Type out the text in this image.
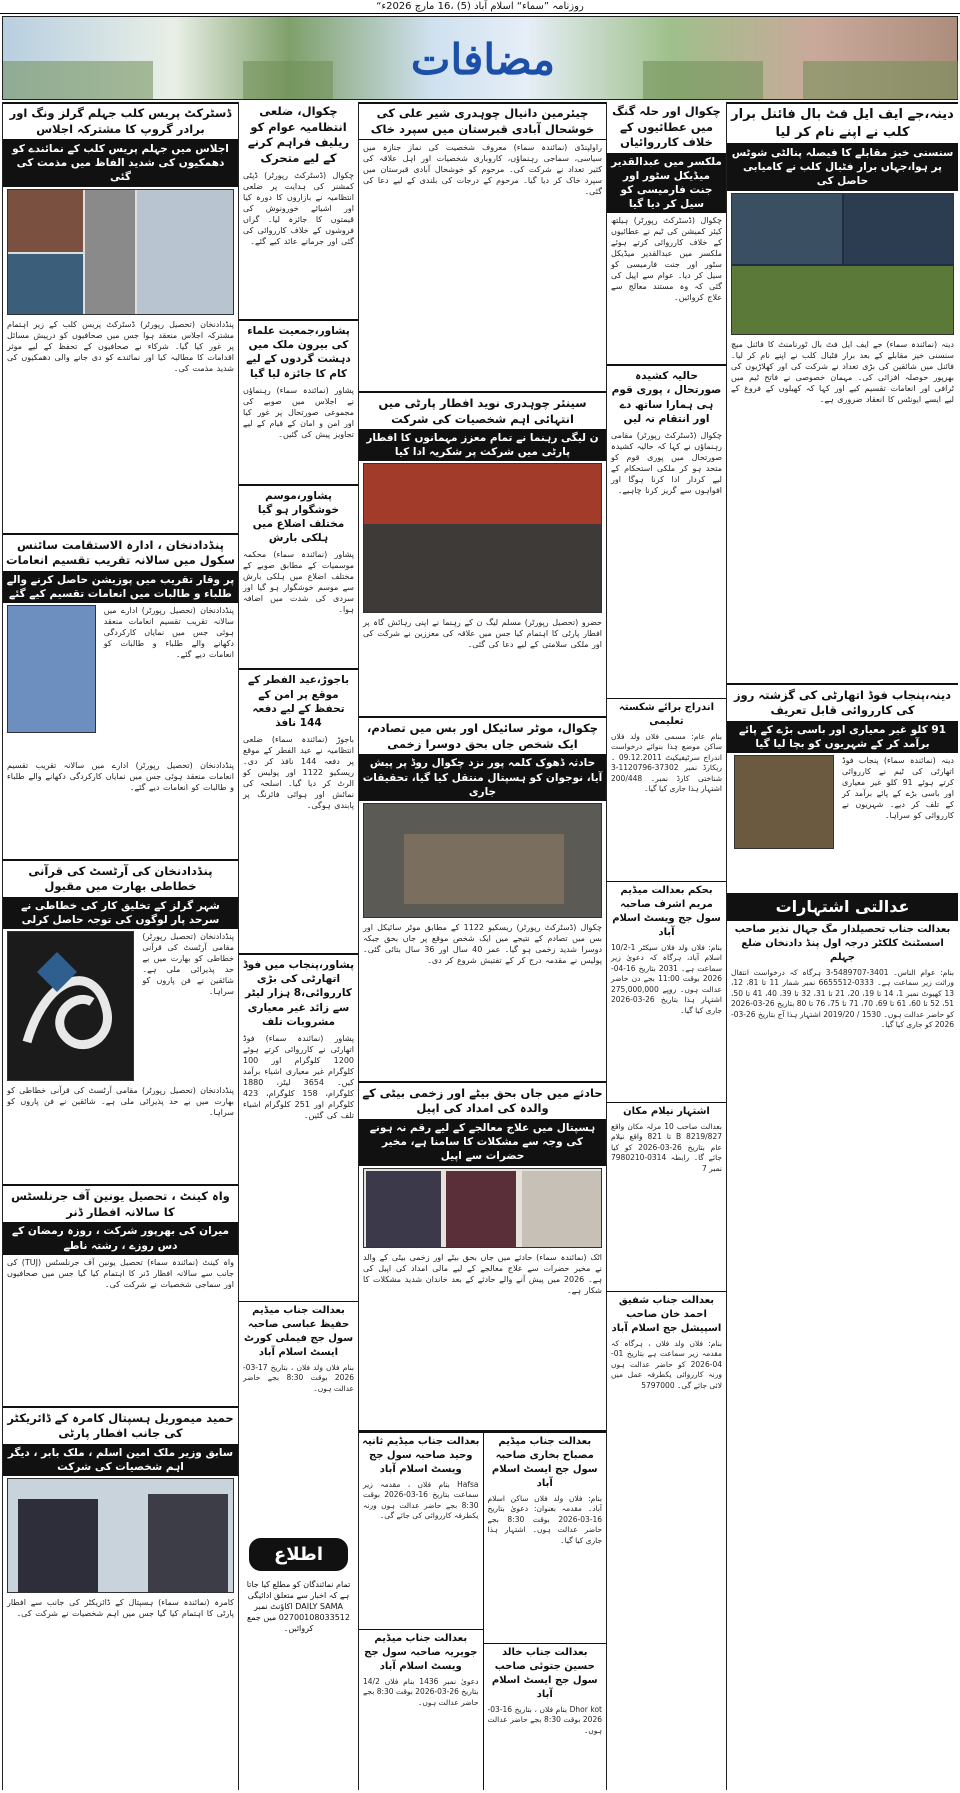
روزنامہ ”سماء“ اسلام آباد (5) ،16 مارچ 2026ء“
مضافات
دینہ،جے ایف ایل فٹ بال فائنل برار کلب نے اپنے نام کر لیا
سنسنی خیز مقابلے کا فیصلہ پنالٹی شوٹس پر ہوا،جہاں برار فٹبال کلب نے کامیابی حاصل کی
دینہ (نمائندہ سماء) جے ایف ایل فٹ بال ٹورنامنٹ کا فائنل میچ سنسنی خیز مقابلے کے بعد برار فٹبال کلب نے اپنے نام کر لیا۔ فائنل میں شائقین کی بڑی تعداد نے شرکت کی اور کھلاڑیوں کی بھرپور حوصلہ افزائی کی۔ مہمان خصوصی نے فاتح ٹیم میں ٹرافی اور انعامات تقسیم کیے اور کہا کہ کھیلوں کے فروغ کے لیے ایسے ایونٹس کا انعقاد ضروری ہے۔
دینہ،پنجاب فوڈ اتھارٹی کی گزشتہ روز کی کارروائی قابل تعریف
91 کلو غیر معیاری اور باسی بڑے کے پائے برآمد کر کے شہریوں کو بچا لیا گیا
دینہ (نمائندہ سماء) پنجاب فوڈ اتھارٹی کی ٹیم نے کارروائی کرتے ہوئے 91 کلو غیر معیاری اور باسی بڑے کے پائے برآمد کر کے تلف کر دیے۔ شہریوں نے کارروائی کو سراہا۔
عدالتی اشتہارات
بعدالت جناب تحصیلدار مگ جہال نذیر صاحب اسسٹنٹ کلکٹر درجہ اول پنڈ دادنخان ضلع جہلم
بنام: عوام الناس۔ 3401-5489707-3 ہرگاہ کہ درخواست انتقال وراثت زیر سماعت ہے۔ 0333-6655512 نمبر شمار 11 تا 81، 12، 13 کھیوٹ نمبر 1، 14 تا 19، 20، 21 تا 31، 32 تا 39، 40، 41 تا 50، 51، 52 تا 60، 61 تا 69، 70، 71 تا 75، 76 تا 80 بتاریخ 26-03-2026 کو حاضر عدالت ہوں۔ 1530 / 2019/20 اشتہار ہذا آج بتاریخ 26-03-2026 کو جاری کیا گیا۔
چکوال اور حلہ گنگ میں عطائیوں کے خلاف کارروائیاں
ملکسر میں عبدالقدیر میڈیکل سٹور اور جنت فارمیسی کو سیل کر دیا گیا
چکوال (ڈسٹرکٹ رپورٹر) ہیلتھ کیئر کمیشن کی ٹیم نے عطائیوں کے خلاف کارروائی کرتے ہوئے ملکسر میں عبدالقدیر میڈیکل سٹور اور جنت فارمیسی کو سیل کر دیا۔ عوام سے اپیل کی گئی کہ وہ مستند معالج سے علاج کروائیں۔
حالیہ کشیدہ صورتحال ، پوری قوم ہی ہمارا ساتھ دے اور انتقام نہ لیں
چکوال (ڈسٹرکٹ رپورٹر) مقامی رہنماؤں نے کہا کہ حالیہ کشیدہ صورتحال میں پوری قوم کو متحد ہو کر ملکی استحکام کے لیے کردار ادا کرنا ہوگا اور افواہوں سے گریز کرنا چاہیے۔
اندراج برائے شکستہ تعلیمی
بنام عام: مسمی فلاں ولد فلاں ساکن موضع ہٰذا بنوائے درخواست اندراج سرٹیفیکیٹ 09.12.2011 ۔ ریکارڈ نمبر 37302-1120796-3 شناختی کارڈ نمبر۔ 200/448 اشتہار ہذا جاری کیا گیا۔
بحکم بعدالت میڈیم مریم اشرف صاحبہ سول جج ویسٹ اسلام آباد
بنام: فلاں ولد فلاں سیکٹر 1-10/2 اسلام آباد، ہرگاہ کہ دعویٰ زیر سماعت ہے۔ 2031 بتاریخ 16-04-2026 بوقت 11:00 بجے دن حاضر عدالت ہوں۔ روپے 275,000,000 اشتہار ہذا بتاریخ 26-03-2026 جاری کیا گیا۔
اشتہار نیلام مکان
بعدالت صاحب 10 مرلہ مکان واقع 827/B 8219 تا 821 واقع نیلام عام بتاریخ 26-03-2026 کو کیا جائے گا۔ رابطہ 0314-7980210 نمبر 7
بعدالت جناب شفیق احمد خان صاحب اسپیشل جج اسلام آباد
بنام: فلاں ولد فلاں ، ہرگاہ کہ مقدمہ زیر سماعت ہے بتاریخ 01-04-2026 کو حاضر عدالت ہوں ورنہ کارروائی یکطرفہ عمل میں لائی جائے گی۔ 5797000
چیئرمین دانیال چوہدری شیر علی کی خوشحال آبادی قبرستان میں سپرد خاک
راولپنڈی (نمائندہ سماء) معروف شخصیت کی نماز جنازہ میں سیاسی، سماجی رہنماؤں، کاروباری شخصیات اور اہل علاقہ کی کثیر تعداد نے شرکت کی۔ مرحوم کو خوشحال آبادی قبرستان میں سپرد خاک کر دیا گیا۔ مرحوم کے درجات کی بلندی کے لیے دعا کی گئی۔
سینئر چوہدری نوید افطار پارٹی میں انتہائی اہم شخصیات کی شرکت
ن لیگی رہنما نے تمام معزز مہمانوں کا افطار پارٹی میں شرکت پر شکریہ ادا کیا
حضرو (تحصیل رپورٹر) مسلم لیگ ن کے رہنما نے اپنی رہائش گاہ پر افطار پارٹی کا اہتمام کیا جس میں علاقہ کی معززین نے شرکت کی اور ملکی سلامتی کے لیے دعا کی گئی۔
چکوال، موٹر سائیکل اور بس میں تصادم، ایک شخص جاں بحق دوسرا زخمی
حادثہ ڈھوک کلمہ پور نزد چکوال روڈ پر پیش آیا، نوجوان کو ہسپتال منتقل کیا گیا، تحقیقات جاری
چکوال (ڈسٹرکٹ رپورٹر) ریسکیو 1122 کے مطابق موٹر سائیکل اور بس میں تصادم کے نتیجے میں ایک شخص موقع پر جاں بحق جبکہ دوسرا شدید زخمی ہو گیا۔ عمر 40 سال اور 36 سال بتائی گئی۔ پولیس نے مقدمہ درج کر کے تفتیش شروع کر دی۔
حادثے میں جاں بحق بیٹے اور زخمی بیٹی کے والدہ کی امداد کی اپیل
ہسپتال میں علاج معالجے کے لیے رقم نہ ہونے کی وجہ سے مشکلات کا سامنا ہے، مخیر حضرات سے اپیل
اٹک (نمائندہ سماء) حادثے میں جاں بحق بیٹے اور زخمی بیٹی کے والد نے مخیر حضرات سے علاج معالجے کے لیے مالی امداد کی اپیل کی ہے۔ 2026 میں پیش آنے والے حادثے کے بعد خاندان شدید مشکلات کا شکار ہے۔
بعدالت جناب میڈیم مصباح بخاری صاحبہ سول جج ایسٹ اسلام آباد
بنام: فلاں ولد فلاں ساکن اسلام آباد۔ مقدمہ بعنوان: دعویٰ بتاریخ 16-03-2026 بوقت 8:30 بجے حاضر عدالت ہوں۔ اشتہار ہذا جاری کیا گیا۔
بعدالت جناب خالد حسین جتوئی صاحب سول جج ایسٹ اسلام آباد
Dhor kot بنام فلاں ، بتاریخ 16-03-2026 بوقت 8:30 بجے حاضر عدالت ہوں۔
بعدالت جناب میڈیم ثانیہ وحید صاحبہ سول جج ویسٹ اسلام آباد
Hafsa بنام فلاں ، مقدمہ زیر سماعت بتاریخ 16-03-2026 بوقت 8:30 بجے حاضر عدالت ہوں ورنہ یکطرفہ کارروائی کی جائے گی۔
بعدالت جناب میڈیم جویریہ صاحبہ سول جج ویسٹ اسلام آباد
دعویٰ نمبر 1436 بنام فلاں 14/2 بتاریخ 26-03-2026 بوقت 8:30 بجے حاضر عدالت ہوں۔
چکوال، ضلعی انتظامیہ عوام کو ریلیف فراہم کرنے کے لیے متحرک
چکوال (ڈسٹرکٹ رپورٹر) ڈپٹی کمشنر کی ہدایت پر ضلعی انتظامیہ نے بازاروں کا دورہ کیا اور اشیائے خورونوش کی قیمتوں کا جائزہ لیا۔ گراں فروشوں کے خلاف کارروائی کی گئی اور جرمانے عائد کیے گئے۔
پشاور،جمعیت علماء کی بیرون ملک میں دہشت گردوں کے لیے کام کا جائزہ لیا گیا
پشاور (نمائندہ سماء) رہنماؤں نے اجلاس میں صوبے کی مجموعی صورتحال پر غور کیا اور امن و امان کے قیام کے لیے تجاویز پیش کی گئیں۔
پشاور،موسم خوشگوار ہو گیا مختلف اضلاع میں ہلکی بارش
پشاور (نمائندہ سماء) محکمہ موسمیات کے مطابق صوبے کے مختلف اضلاع میں ہلکی بارش سے موسم خوشگوار ہو گیا اور سردی کی شدت میں اضافہ ہوا۔
باجوڑ،عید الفطر کے موقع پر امن کے تحفظ کے لیے دفعہ 144 نافذ
باجوڑ (نمائندہ سماء) ضلعی انتظامیہ نے عید الفطر کے موقع پر دفعہ 144 نافذ کر دی۔ ریسکیو 1122 اور پولیس کو الرٹ کر دیا گیا۔ اسلحہ کی نمائش اور ہوائی فائرنگ پر پابندی ہوگی۔
پشاور،پنجاب میں فوڈ اتھارٹی کی بڑی کارروائی،8 ہزار لیٹر سے زائد غیر معیاری مشروبات تلف
پشاور (نمائندہ سماء) فوڈ اتھارٹی نے کارروائی کرتے ہوئے 1200 کلوگرام اور 100 کلوگرام غیر معیاری اشیاء برآمد کیں۔ 3654 لیٹر، 1880 کلوگرام، 158 کلوگرام، 423 کلوگرام اور 251 کلوگرام اشیاء تلف کی گئیں۔
بعدالت جناب میڈیم حفیظ عباسی صاحبہ سول جج فیملی کورٹ ایسٹ اسلام آباد
بنام فلاں ولد فلاں ، بتاریخ 17-03-2026 بوقت 8:30 بجے حاضر عدالت ہوں۔
اطلاع
تمام نمائندگان کو مطلع کیا جاتا ہے کہ اخبار سے متعلق ادائیگی DAILY SAMA اکاؤنٹ نمبر 02700108033512 میں جمع کروائیں۔
ڈسٹرکٹ پریس کلب جہلم گرلز ونگ اور برادر گروپ کا مشترکہ اجلاس
اجلاس میں جہلم پریس کلب کے نمائندے کو دھمکیوں کی شدید الفاظ میں مذمت کی گئی
پنڈدادنخان (تحصیل رپورٹر) ڈسٹرکٹ پریس کلب کے زیر اہتمام مشترکہ اجلاس منعقد ہوا جس میں صحافیوں کو درپیش مسائل پر غور کیا گیا۔ شرکاء نے صحافیوں کے تحفظ کے لیے موثر اقدامات کا مطالبہ کیا اور نمائندے کو دی جانے والی دھمکیوں کی شدید مذمت کی۔
پنڈدادنخان ، ادارہ الاستقامت سائنس سکول میں سالانہ تقریب تقسیم انعامات
پر وقار تقریب میں پوزیشن حاصل کرنے والے طلباء و طالبات میں انعامات تقسیم کیے گئے
پنڈدادنخان (تحصیل رپورٹر) ادارے میں سالانہ تقریب تقسیم انعامات منعقد ہوئی جس میں نمایاں کارکردگی دکھانے والے طلباء و طالبات کو انعامات دیے گئے۔
پنڈدادنخان (تحصیل رپورٹر) ادارے میں سالانہ تقریب تقسیم انعامات منعقد ہوئی جس میں نمایاں کارکردگی دکھانے والے طلباء و طالبات کو انعامات دیے گئے۔
پنڈدادنخان کی آرٹسٹ کی قرآنی خطاطی بھارت میں مقبول
شہر گرلز کے تخلیق کار کی خطاطی نے سرحد پار لوگوں کی توجہ حاصل کرلی
پنڈدادنخان (تحصیل رپورٹر) مقامی آرٹسٹ کی قرآنی خطاطی کو بھارت میں بے حد پذیرائی ملی ہے۔ شائقین نے فن پاروں کو سراہا۔
پنڈدادنخان (تحصیل رپورٹر) مقامی آرٹسٹ کی قرآنی خطاطی کو بھارت میں بے حد پذیرائی ملی ہے۔ شائقین نے فن پاروں کو سراہا۔
واہ کینٹ ، تحصیل یونین آف جرنلسٹس کا سالانہ افطار ڈنر
میران کی بھرپور شرکت ، روزہ رمضان کے دس روزے ، رشتہ ناطے
واہ کینٹ (نمائندہ سماء) تحصیل یونین آف جرنلسٹس (TUJ) کی جانب سے سالانہ افطار ڈنر کا اہتمام کیا گیا جس میں صحافیوں اور سماجی شخصیات نے شرکت کی۔
حمید میموریل ہسپتال کامرہ کے ڈائریکٹر کی جانب افطار پارٹی
سابق وزیر ملک امین اسلم ، ملک بابر ، دیگر اہم شخصیات کی شرکت
کامرہ (نمائندہ سماء) ہسپتال کے ڈائریکٹر کی جانب سے افطار پارٹی کا اہتمام کیا گیا جس میں اہم شخصیات نے شرکت کی۔
